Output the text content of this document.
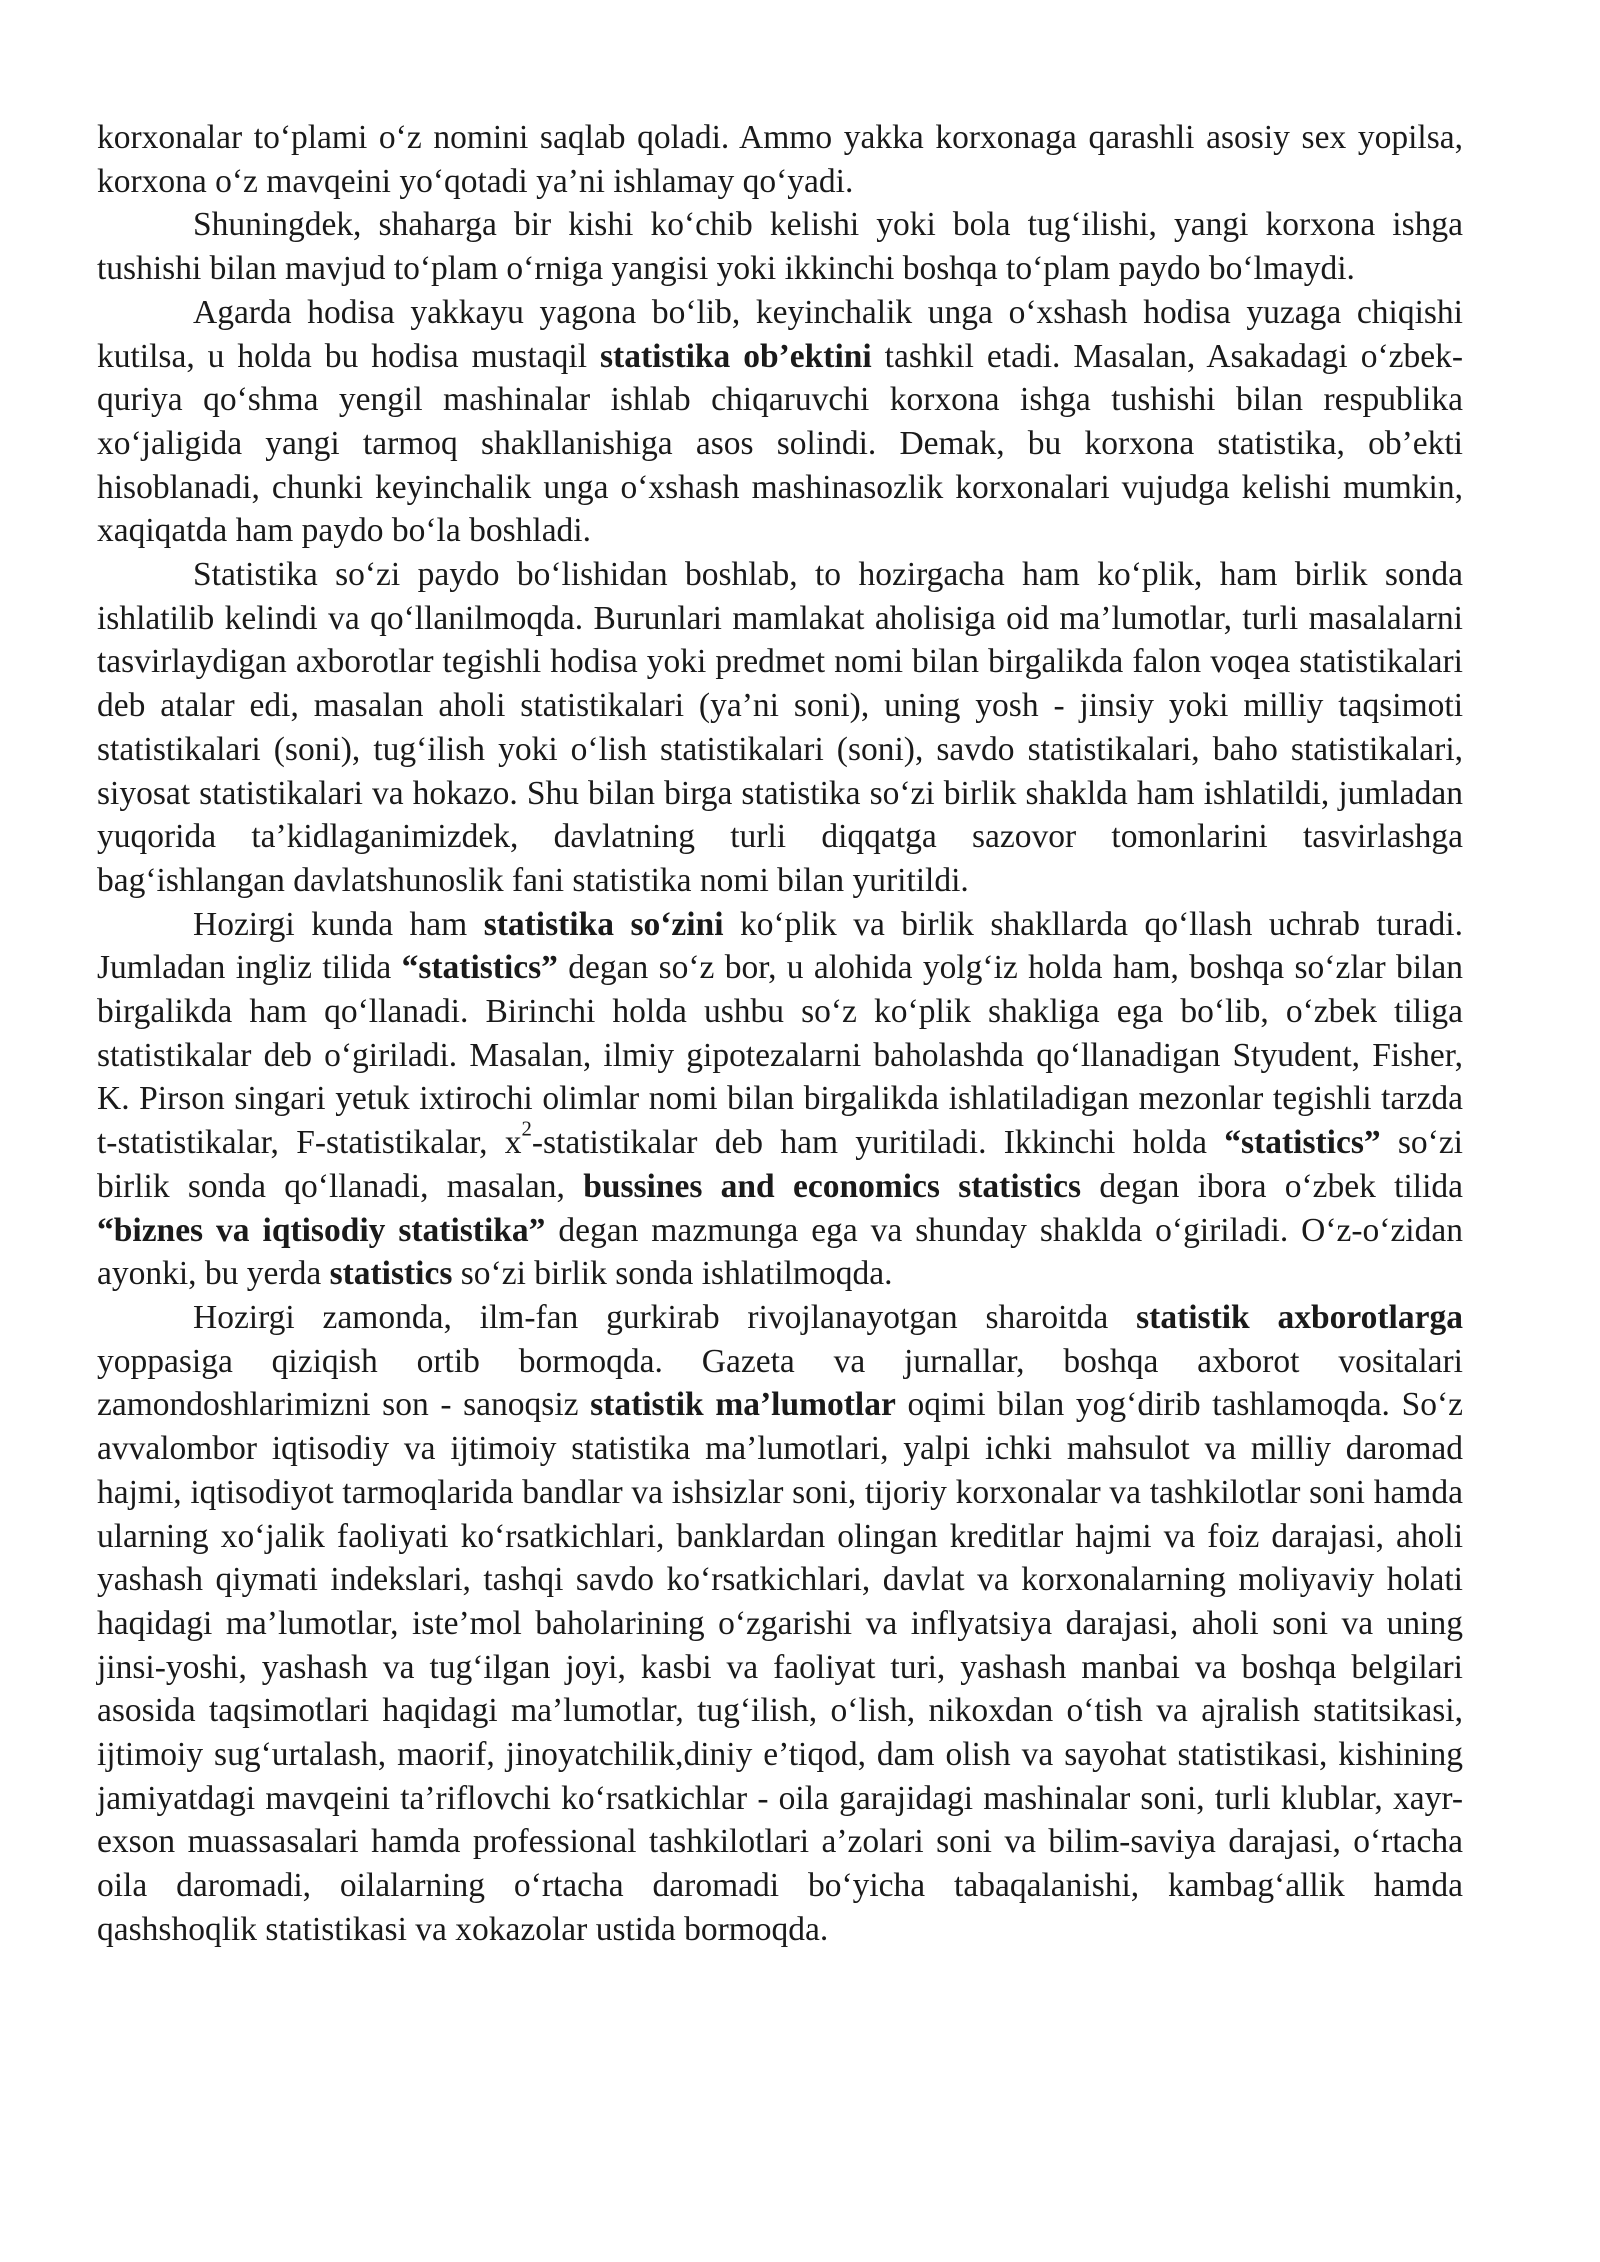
korxonalar to‘plami o‘z nomini saqlab qoladi. Ammo yakka korxonaga qarashli asosiy sex yopilsa, korxona o‘z mavqeini yo‘qotadi ya’ni ishlamay qo‘yadi.

Shuningdek, shaharga bir kishi ko‘chib kelishi yoki bola tug‘ilishi, yangi korxona ishga tushishi bilan mavjud to‘plam o‘rniga yangisi yoki ikkinchi boshqa to‘plam paydo bo‘lmaydi.

Agarda hodisa yakkayu yagona bo‘lib, keyinchalik unga o‘xshash hodisa yuzaga chiqishi kutilsa, u holda bu hodisa mustaqil statistika ob’ektini tashkil etadi. Masalan, Asakadagi o‘zbek-quriya qo‘shma yengil mashinalar ishlab chiqaruvchi korxona ishga tushishi bilan respublika xo‘jaligida yangi tarmoq shakllanishiga asos solindi. Demak, bu korxona statistika, ob’ekti hisoblanadi, chunki keyinchalik unga o‘xshash mashinasozlik korxonalari vujudga kelishi mumkin, xaqiqatda ham paydo bo‘la boshladi.

Statistika so‘zi paydo bo‘lishidan boshlab, to hozirgacha ham ko‘plik, ham birlik sonda ishlatilib kelindi va qo‘llanilmoqda. Burunlari mamlakat aholisiga oid ma’lumotlar, turli masalalarni tasvirlaydigan axborotlar tegishli hodisa yoki predmet nomi bilan birgalikda falon voqea statistikalari deb atalar edi, masalan aholi statistikalari (ya’ni soni), uning yosh - jinsiy yoki milliy taqsimoti statistikalari (soni), tug‘ilish yoki o‘lish statistikalari (soni), savdo statistikalari, baho statistikalari, siyosat statistikalari va hokazo. Shu bilan birga statistika so‘zi birlik shaklda ham ishlatildi, jumladan yuqorida ta’kidlaganimizdek, davlatning turli diqqatga sazovor tomonlarini tasvirlashga bag‘ishlangan davlatshunoslik fani statistika nomi bilan yuritildi.

Hozirgi kunda ham statistika so‘zini ko‘plik va birlik shakllarda qo‘llash uchrab turadi. Jumladan ingliz tilida “statistics” degan so‘z bor, u alohida yolg‘iz holda ham, boshqa so‘zlar bilan birgalikda ham qo‘llanadi. Birinchi holda ushbu so‘z ko‘plik shakliga ega bo‘lib, o‘zbek tiliga statistikalar deb o‘giriladi. Masalan, ilmiy gipotezalarni baholashda qo‘llanadigan Styudent, Fisher, K. Pirson singari yetuk ixtirochi olimlar nomi bilan birgalikda ishlatiladigan mezonlar tegishli tarzda t-statistikalar, F-statistikalar, $x^2$-statistikalar deb ham yuritiladi. Ikkinchi holda “statistics” so‘zi birlik sonda qo‘llanadi, masalan, bussines and economics statistics degan ibora o‘zbek tilida “biznes va iqtisodiy statistika” degan mazmunga ega va shunday shaklda o‘giriladi. O‘z-o‘zidan ayonki, bu yerda statistics so‘zi birlik sonda ishlatilmoqda.

Hozirgi zamonda, ilm-fan gurkirab rivojlanayotgan sharoitda statistik axborotlarga yoppasiga qiziqish ortib bormoqda. Gazeta va jurnallar, boshqa axborot vositalari zamondoshlarimizni son - sanoqsiz statistik ma’lumotlar oqimi bilan yog‘dirib tashlamoqda. So‘z avvalombor iqtisodiy va ijtimoiy statistika ma’lumotlari, yalpi ichki mahsulot va milliy daromad hajmi, iqtisodiyot tarmoqlarida bandlar va ishsizlar soni, tijoriy korxonalar va tashkilotlar soni hamda ularning xo‘jalik faoliyati ko‘rsatkichlari, banklardan olingan kreditlar hajmi va foiz darajasi, aholi yashash qiymati indekslari, tashqi savdo ko‘rsatkichlari, davlat va korxonalarning moliyaviy holati haqidagi ma’lumotlar, iste’mol baholarining o‘zgarishi va inflyatsiya darajasi, aholi soni va uning jinsi-yoshi, yashash va tug‘ilgan joyi, kasbi va faoliyat turi, yashash manbai va boshqa belgilari asosida taqsimotlari haqidagi ma’lumotlar, tug‘ilish, o‘lish, nikoxdan o‘tish va ajralish statitsikasi, ijtimoiy sug‘urtalash, maorif, jinoyatchilik,diniy e’tiqod, dam olish va sayohat statistikasi, kishining jamiyatdagi mavqeini ta’riflovchi ko‘rsatkichlar - oila garajidagi mashinalar soni, turli klublar, xayr-exson muassasalari hamda professional tashkilotlari a’zolari soni va bilim-saviya darajasi, o‘rtacha oila daromadi, oilalarning o‘rtacha daromadi bo‘yicha tabaqalanishi, kambag‘allik hamda qashshoqlik statistikasi va xokazolar ustida bormoqda.
